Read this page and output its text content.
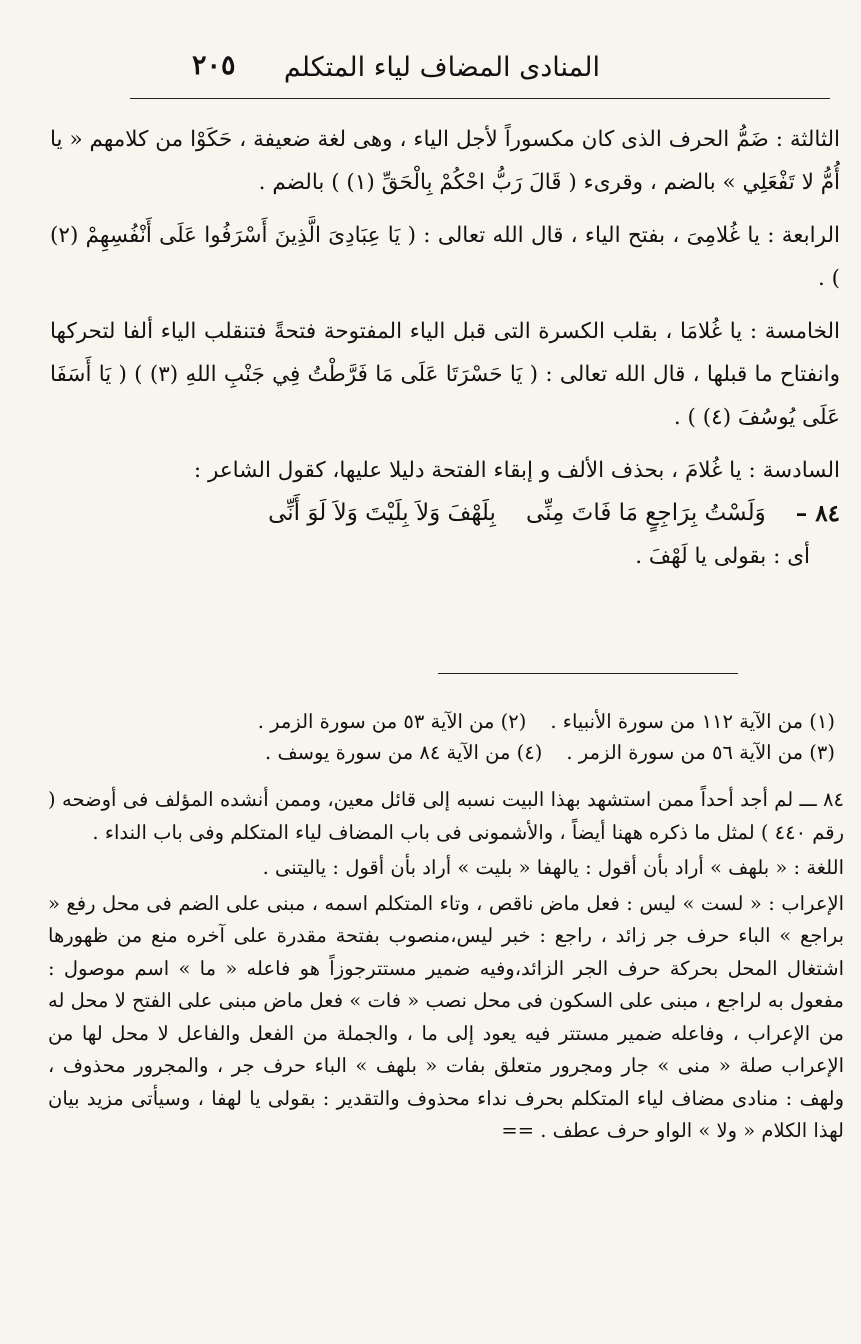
المنادى المضاف لياء المتكلم
٢٠٥

الثالثة : ضَمُّ الحرف الذى كان مكسوراً لأجل الياء ، وهى لغة ضعيفة ، حَكَوْا من كلامهم « يا أُمُّ لا تَفْعَلِي » بالضم ، وقرىء ( قَالَ رَبُّ احْكُمْ بِالْحَقِّ (١) ) بالضم .

الرابعة : يا غُلامِىَ ، بفتح الياء ، قال الله تعالى : ( يَا عِبَادِىَ الَّذِينَ أَسْرَفُوا عَلَى أَنْفُسِهِمْ (٢) ) .

الخامسة : يا غُلامَا ، بقلب الكسرة التى قبل الياء المفتوحة فتحةً فتنقلب الياء ألفا لتحركها وانفتاح ما قبلها ، قال الله تعالى : ( يَا حَسْرَتَا عَلَى مَا فَرَّطْتُ فِي جَنْبِ اللهِ (٣) ) ( يَا أَسَفَا عَلَى يُوسُفَ (٤) ) .

السادسة : يا غُلامَ ، بحذف الألف و إبقاء الفتحة دليلا عليها، كقول الشاعر :

٨٤ –
وَلَسْتُ بِرَاجِعٍ مَا فَاتَ مِنِّى
بِلَهْفَ وَلاَ بِلَيْتَ وَلاَ لَوَ أَنِّى

أى : بقولى يا لَهْفَ .

(١) من الآية ١١٢ من سورة الأنبياء .
(٢) من الآية ٥٣ من سورة الزمر .
(٣) من الآية ٥٦ من سورة الزمر .
(٤) من الآية ٨٤ من سورة يوسف .

٨٤ ـــ لم أجد أحداً ممن استشهد بهذا البيت نسبه إلى قائل معين، وممن أنشده المؤلف فى أوضحه ( رقم ٤٤٠ ) لمثل ما ذكره ههنا أيضاً ، والأشمونى فى باب المضاف لياء المتكلم وفى باب النداء .

اللغة : « بلهف » أراد بأن أقول : يالهفا « بليت » أراد بأن أقول : ياليتنى .

الإعراب : « لست » ليس : فعل ماض ناقص ، وتاء المتكلم اسمه ، مبنى على الضم فى محل رفع « براجع » الباء حرف جر زائد ، راجع : خبر ليس،منصوب بفتحة مقدرة على آخره منع من ظهورها اشتغال المحل بحركة حرف الجر الزائد،وفيه ضمير مستترجوزاً هو فاعله « ما » اسم موصول : مفعول به لراجع ، مبنى على السكون فى محل نصب « فات » فعل ماض مبنى على الفتح لا محل له من الإعراب ، وفاعله ضمير مستتر فيه يعود إلى ما ، والجملة من الفعل والفاعل لا محل لها من الإعراب صلة « منى » جار ومجرور متعلق بفات « بلهف » الباء حرف جر ، والمجرور محذوف ، ولهف : منادى مضاف لياء المتكلم بحرف نداء محذوف والتقدير : بقولى يا لهفا ، وسيأتى مزيد بيان لهذا الكلام « ولا » الواو حرف عطف . ==
